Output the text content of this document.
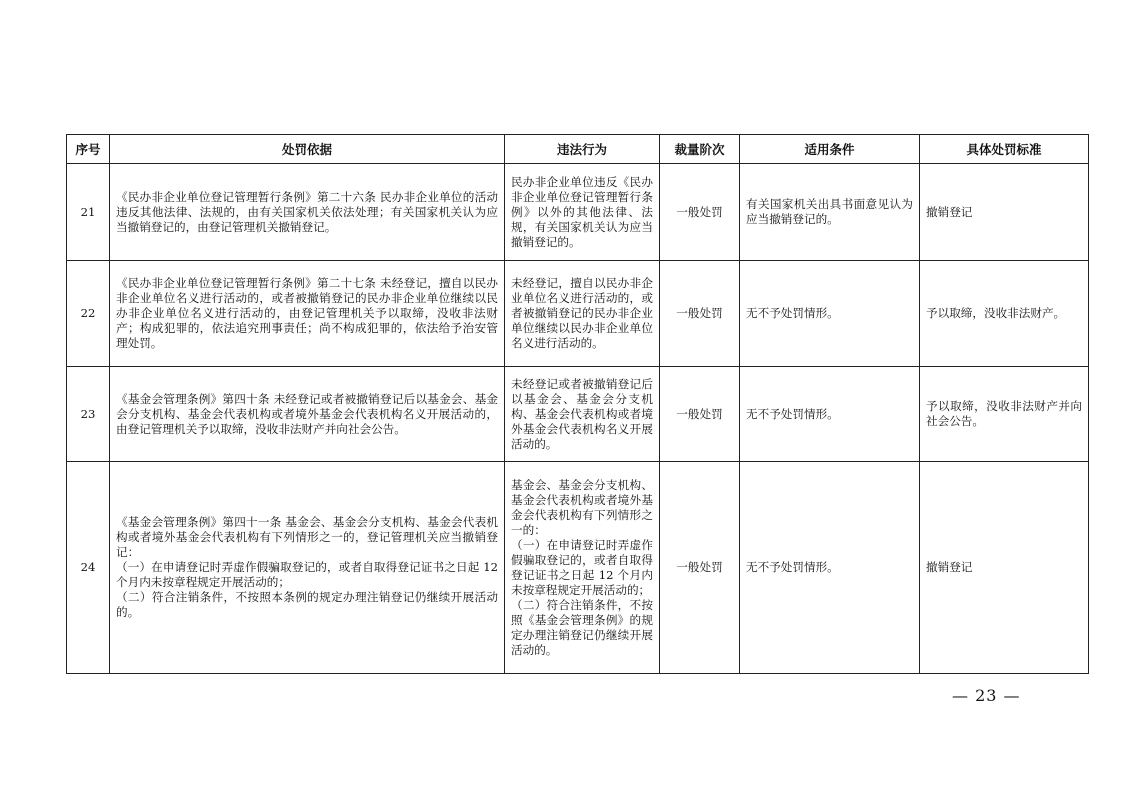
序号	处罚依据	违法行为	裁量阶次	适用条件	具体处罚标准
21	《民办非企业单位登记管理暂行条例》第二十六条 民办非企业单位的活动违反其他法律、法规的，由有关国家机关依法处理；有关国家机关认为应当撤销登记的，由登记管理机关撤销登记。	民办非企业单位违反《民办非企业单位登记管理暂行条例》以外的其他法律、法规，有关国家机关认为应当撤销登记的。	一般处罚	有关国家机关出具书面意见认为应当撤销登记的。	撤销登记
22	《民办非企业单位登记管理暂行条例》第二十七条 未经登记，擅自以民办非企业单位名义进行活动的，或者被撤销登记的民办非企业单位继续以民办非企业单位名义进行活动的，由登记管理机关予以取缔，没收非法财产；构成犯罪的，依法追究刑事责任；尚不构成犯罪的，依法给予治安管理处罚。	未经登记，擅自以民办非企业单位名义进行活动的，或者被撤销登记的民办非企业单位继续以民办非企业单位名义进行活动的。	一般处罚	无不予处罚情形。	予以取缔，没收非法财产。
23	《基金会管理条例》第四十条 未经登记或者被撤销登记后以基金会、基金会分支机构、基金会代表机构或者境外基金会代表机构名义开展活动的，由登记管理机关予以取缔，没收非法财产并向社会公告。	未经登记或者被撤销登记后以基金会、基金会分支机构、基金会代表机构或者境外基金会代表机构名义开展活动的。	一般处罚	无不予处罚情形。	予以取缔，没收非法财产并向社会公告。
24	《基金会管理条例》第四十一条 基金会、基金会分支机构、基金会代表机构或者境外基金会代表机构有下列情形之一的，登记管理机关应当撤销登记：
（一）在申请登记时弄虚作假骗取登记的，或者自取得登记证书之日起 12 个月内未按章程规定开展活动的；
（二）符合注销条件，不按照本条例的规定办理注销登记仍继续开展活动的。	基金会、基金会分支机构、基金会代表机构或者境外基金会代表机构有下列情形之一的：
（一）在申请登记时弄虚作假骗取登记的，或者自取得登记证书之日起 12 个月内未按章程规定开展活动的；
（二）符合注销条件，不按照《基金会管理条例》的规定办理注销登记仍继续开展活动的。	一般处罚	无不予处罚情形。	撤销登记
— 23 —
